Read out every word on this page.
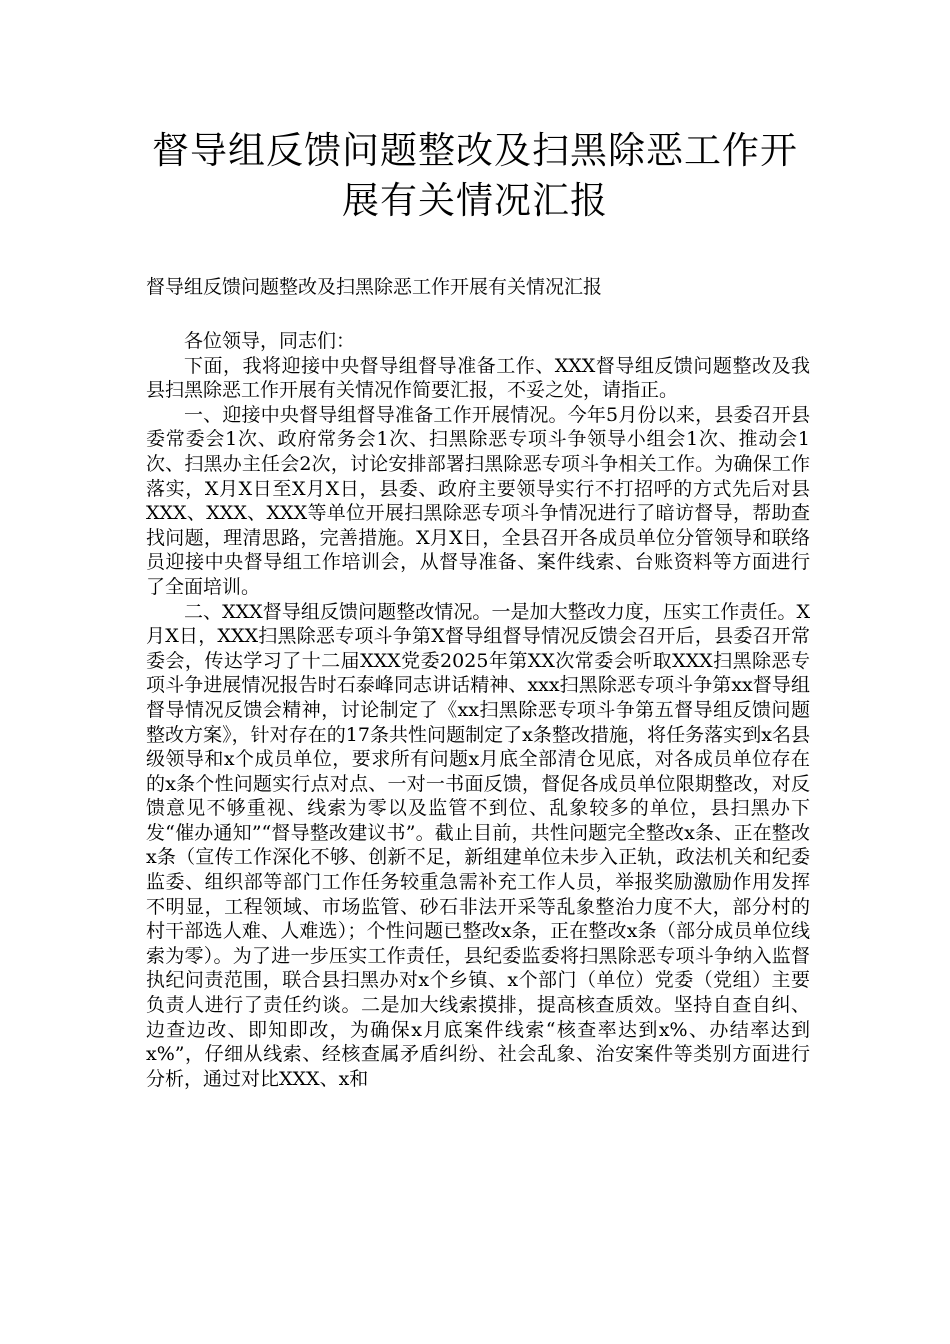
督导组反馈问题整改及扫黑除恶工作开
展有关情况汇报
督导组反馈问题整改及扫黑除恶工作开展有关情况汇报

各位领导，同志们：

下面，我将迎接中央督导组督导准备工作、XXX督导组反馈问题整改及我县扫黑除恶工作开展有关情况作简要汇报，不妥之处，请指正。

一、迎接中央督导组督导准备工作开展情况。今年5月份以来，县委召开县委常委会1次、政府常务会1次、扫黑除恶专项斗争领导小组会1次、推动会1次、扫黑办主任会2次，讨论安排部署扫黑除恶专项斗争相关工作。为确保工作落实，X月X日至X月X日，县委、政府主要领导实行不打招呼的方式先后对县XXX、XXX、XXX等单位开展扫黑除恶专项斗争情况进行了暗访督导，帮助查找问题，理清思路，完善措施。X月X日，全县召开各成员单位分管领导和联络员迎接中央督导组工作培训会，从督导准备、案件线索、台账资料等方面进行了全面培训。

二、XXX督导组反馈问题整改情况。一是加大整改力度，压实工作责任。X月X日，XXX扫黑除恶专项斗争第X督导组督导情况反馈会召开后，县委召开常委会，传达学习了十二届XXX党委2025年第XX次常委会听取XXX扫黑除恶专项斗争进展情况报告时石泰峰同志讲话精神、xxx扫黑除恶专项斗争第xx督导组督导情况反馈会精神，讨论制定了《xx扫黑除恶专项斗争第五督导组反馈问题整改方案》，针对存在的17条共性问题制定了x条整改措施，将任务落实到x名县级领导和x个成员单位，要求所有问题x月底全部清仓见底，对各成员单位存在的x条个性问题实行点对点、一对一书面反馈，督促各成员单位限期整改，对反馈意见不够重视、线索为零以及监管不到位、乱象较多的单位，县扫黑办下发“催办通知”“督导整改建议书”。截止目前，共性问题完全整改x条、正在整改x条（宣传工作深化不够、创新不足，新组建单位未步入正轨，政法机关和纪委监委、组织部等部门工作任务较重急需补充工作人员，举报奖励激励作用发挥不明显，工程领域、市场监管、砂石非法开采等乱象整治力度不大，部分村的村干部选人难、人难选）；个性问题已整改x条，正在整改x条（部分成员单位线索为零）。为了进一步压实工作责任，县纪委监委将扫黑除恶专项斗争纳入监督执纪问责范围，联合县扫黑办对x个乡镇、x个部门（单位）党委（党组）主要负责人进行了责任约谈。二是加大线索摸排，提高核查质效。坚持自查自纠、边查边改、即知即改，为确保x月底案件线索“核查率达到x%、办结率达到x%”，仔细从线索、经核查属矛盾纠纷、社会乱象、治安案件等类别方面进行分析，通过对比XXX、x和
